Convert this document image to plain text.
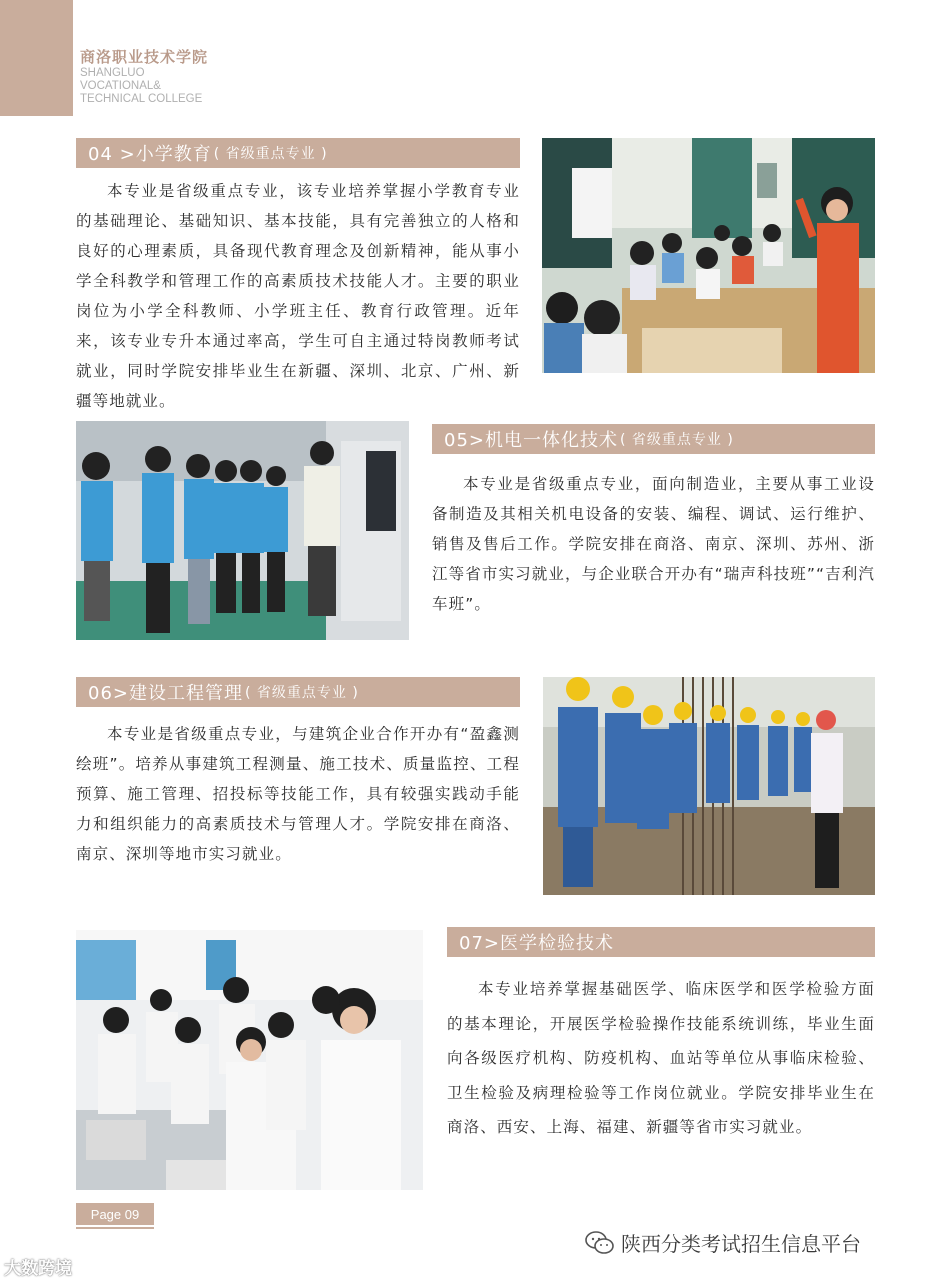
商洛职业技术学院
SHANGLUO
VOCATIONAL&
TECHNICAL COLLEGE
04 >小学教育 ( 省级重点专业 )
本专业是省级重点专业，该专业培养掌握小学教育专业的基础理论、基础知识、基本技能，具有完善独立的人格和良好的心理素质，具备现代教育理念及创新精神，能从事小学全科教学和管理工作的高素质技术技能人才。主要的职业岗位为小学全科教师、小学班主任、教育行政管理。近年来，该专业专升本通过率高，学生可自主通过特岗教师考试就业，同时学院安排毕业生在新疆、深圳、北京、广州、新疆等地就业。
05>机电一体化技术 ( 省级重点专业 )
本专业是省级重点专业，面向制造业，主要从事工业设备制造及其相关机电设备的安装、编程、调试、运行维护、销售及售后工作。学院安排在商洛、南京、深圳、苏州、浙江等省市实习就业，与企业联合开办有“瑞声科技班”“吉利汽车班”。
06>建设工程管理 ( 省级重点专业 )
本专业是省级重点专业，与建筑企业合作开办有“盈鑫测绘班”。培养从事建筑工程测量、施工技术、质量监控、工程预算、施工管理、招投标等技能工作，具有较强实践动手能力和组织能力的高素质技术与管理人才。学院安排在商洛、南京、深圳等地市实习就业。
07>医学检验技术
本专业培养掌握基础医学、临床医学和医学检验方面的基本理论，开展医学检验操作技能系统训练，毕业生面向各级医疗机构、防疫机构、血站等单位从事临床检验、卫生检验及病理检验等工作岗位就业。学院安排毕业生在商洛、西安、上海、福建、新疆等省市实习就业。
Page 09
大数跨境
陕西分类考试招生信息平台
